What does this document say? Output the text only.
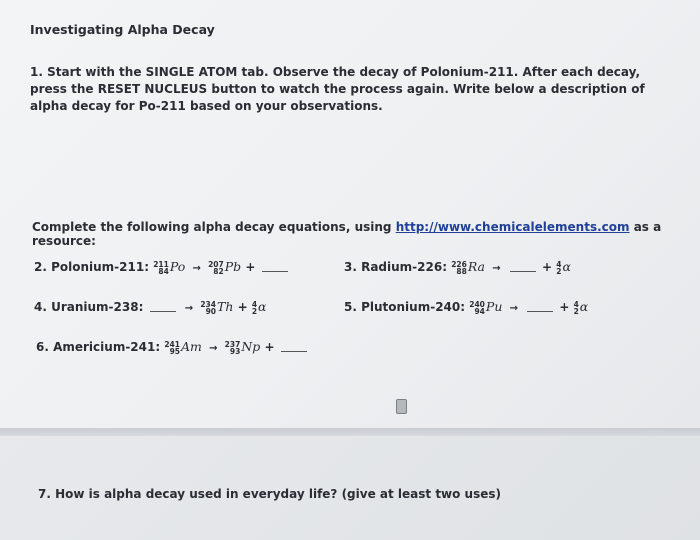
Investigating Alpha Decay
1. Start with the SINGLE ATOM tab. Observe the decay of Polonium-211. After each decay, press the RESET NUCLEUS button to watch the process again. Write below a description of alpha decay for Po-211 based on your observations.
Complete the following alpha decay equations, using http://www.chemicalelements.com as a resource:
2. Polonium-211: 211
84 Po → 207
82 Pb +	3. Radium-226: 226
88 Ra →	+ 4
2 α
4. Uranium-238:	→ 234
90 Th + 4
2 α	5. Plutonium-240: 240
94 Pu →	+ 4
2 α
6. Americium-241: 241
95 Am → 237
93 Np +
7. How is alpha decay used in everyday life? (give at least two uses)
